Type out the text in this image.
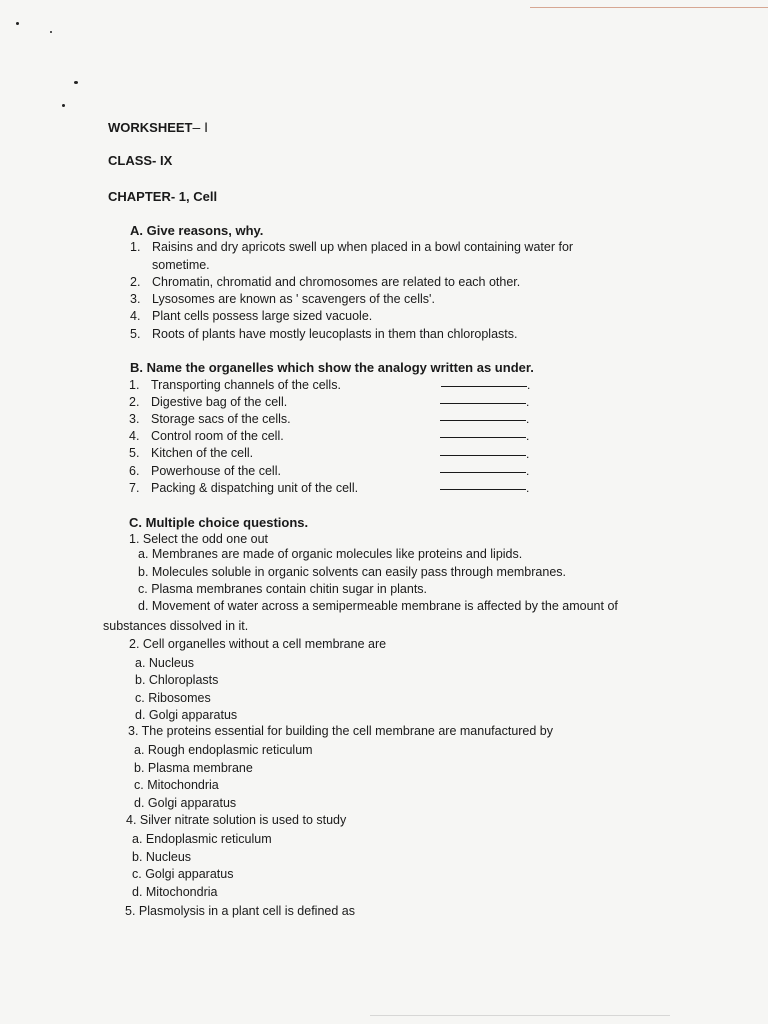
WORKSHEET– I
CLASS- IX
CHAPTER- 1, Cell
A. Give reasons, why.
1. Raisins and dry apricots swell up when placed in a bowl containing water for
sometime.
2. Chromatin, chromatid and chromosomes are related to each other.
3. Lysosomes are known as ' scavengers of the cells'.
4. Plant cells possess large sized vacuole.
5. Roots of plants have mostly leucoplasts in them than chloroplasts.
B. Name the organelles which show the analogy written as under.
1. Transporting channels of the cells.	.
2. Digestive bag of the cell.	.
3. Storage sacs of the cells.	.
4. Control room of the cell.	.
5. Kitchen of the cell.	.
6. Powerhouse of the cell.	.
7. Packing & dispatching unit of the cell.	.
C. Multiple choice questions.
1. Select the odd one out
a. Membranes are made of organic molecules like proteins and lipids.
b. Molecules soluble in organic solvents can easily pass through membranes.
c. Plasma membranes contain chitin sugar in plants.
d. Movement of water across a semipermeable membrane is affected by the amount of
substances dissolved in it.
2. Cell organelles without a cell membrane are
a. Nucleus
b. Chloroplasts
c. Ribosomes
d. Golgi apparatus
3. The proteins essential for building the cell membrane are manufactured by
a. Rough endoplasmic reticulum
b. Plasma membrane
c. Mitochondria
d. Golgi apparatus
4. Silver nitrate solution is used to study
a. Endoplasmic reticulum
b. Nucleus
c. Golgi apparatus
d. Mitochondria
5. Plasmolysis in a plant cell is defined as
